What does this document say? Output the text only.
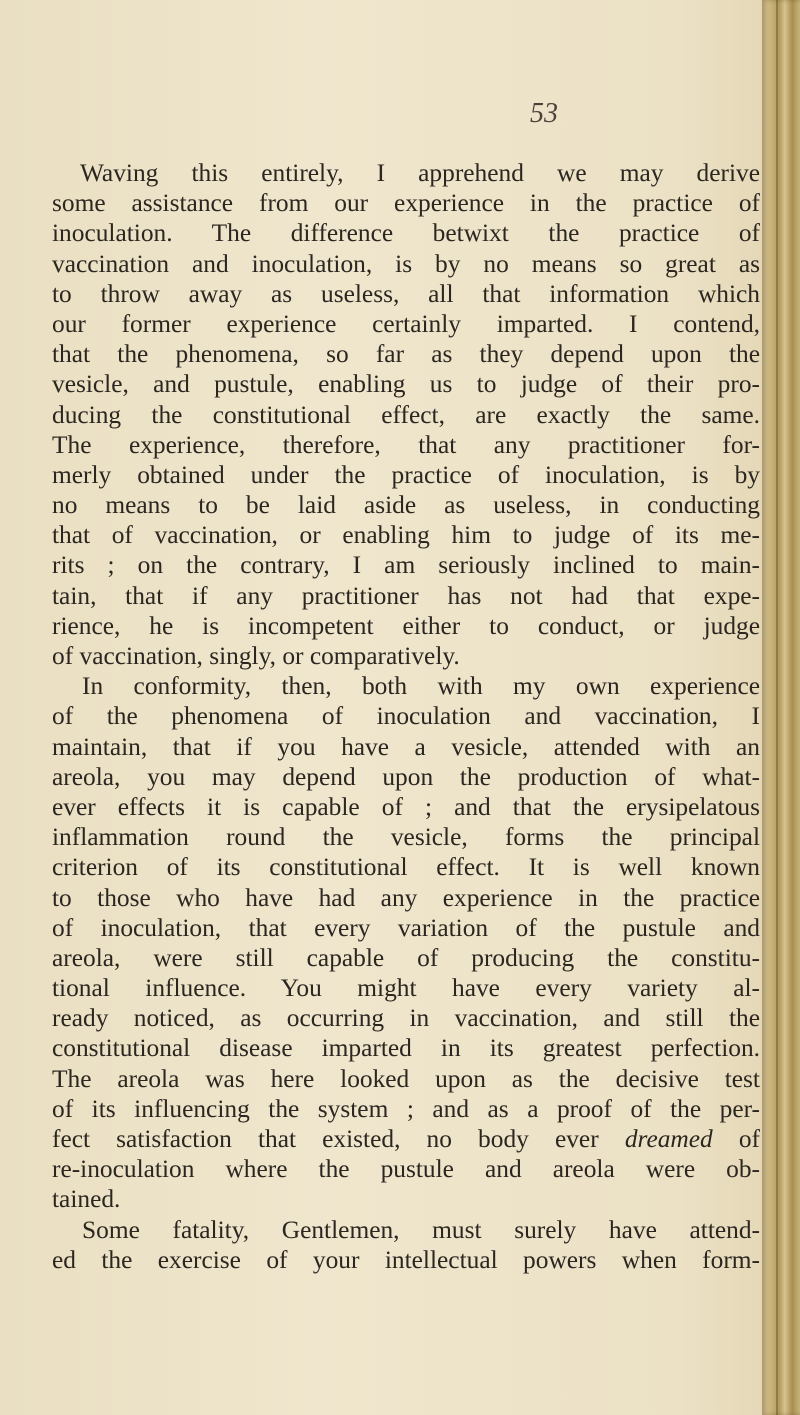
53
Waving this entirely, I apprehend we may derive
some assistance from our experience in the practice of
inoculation. The difference betwixt the practice of
vaccination and inoculation, is by no means so great as
to throw away as useless, all that information which
our former experience certainly imparted. I contend,
that the phenomena, so far as they depend upon the
vesicle, and pustule, enabling us to judge of their pro-
ducing the constitutional effect, are exactly the same.
The experience, therefore, that any practitioner for-
merly obtained under the practice of inoculation, is by
no means to be laid aside as useless, in conducting
that of vaccination, or enabling him to judge of its me-
rits ; on the contrary, I am seriously inclined to main-
tain, that if any practitioner has not had that expe-
rience, he is incompetent either to conduct, or judge
of vaccination, singly, or comparatively.
In conformity, then, both with my own experience
of the phenomena of inoculation and vaccination, I
maintain, that if you have a vesicle, attended with an
areola, you may depend upon the production of what-
ever effects it is capable of ; and that the erysipelatous
inflammation round the vesicle, forms the principal
criterion of its constitutional effect. It is well known
to those who have had any experience in the practice
of inoculation, that every variation of the pustule and
areola, were still capable of producing the constitu-
tional influence. You might have every variety al-
ready noticed, as occurring in vaccination, and still the
constitutional disease imparted in its greatest perfection.
The areola was here looked upon as the decisive test
of its influencing the system ; and as a proof of the per-
fect satisfaction that existed, no body ever dreamed of
re-inoculation where the pustule and areola were ob-
tained.
Some fatality, Gentlemen, must surely have attend-
ed the exercise of your intellectual powers when form-
